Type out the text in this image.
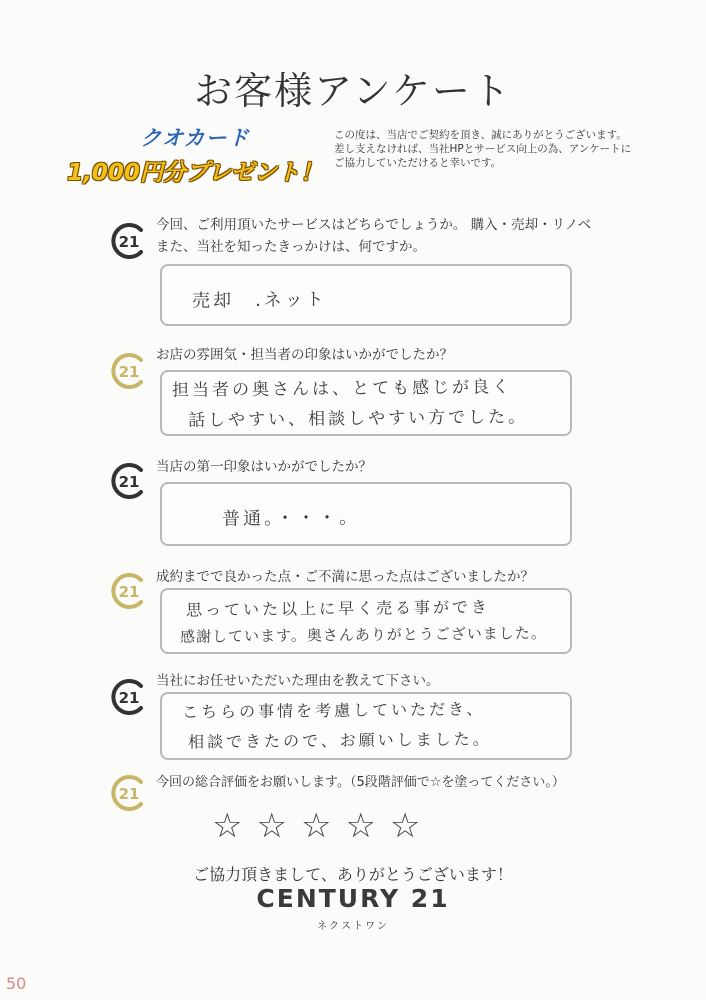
お客様アンケート
クオカード
1,000円分プレゼント！
この度は、当店でご契約を頂き、誠にありがとうございます。
差し支えなければ、当社HPとサービス向上の為、アンケートに
ご協力していただけると幸いです。
21
今回、ご利用頂いたサービスはどちらでしょうか。 購入・売却・リノベ
また、当社を知ったきっかけは、何ですか。
売却　.ネット
21
お店の雰囲気・担当者の印象はいかがでしたか？
担当者の奥さんは、とても感じが良く
話しやすい、相談しやすい方でした。
21
当店の第一印象はいかがでしたか？
普通。・・・。
21
成約までで良かった点・ご不満に思った点はございましたか？
思っていた以上に早く売る事ができ
感謝しています。奥さんありがとうございました。
21
当社にお任せいただいた理由を教えて下さい。
こちらの事情を考慮していただき、
相談できたので、お願いしました。
21
今回の総合評価をお願いします。（5段階評価で☆を塗ってください。）
☆☆☆☆☆
ご協力頂きまして、ありがとうございます！
CENTURY 21
ネクストワン
50
